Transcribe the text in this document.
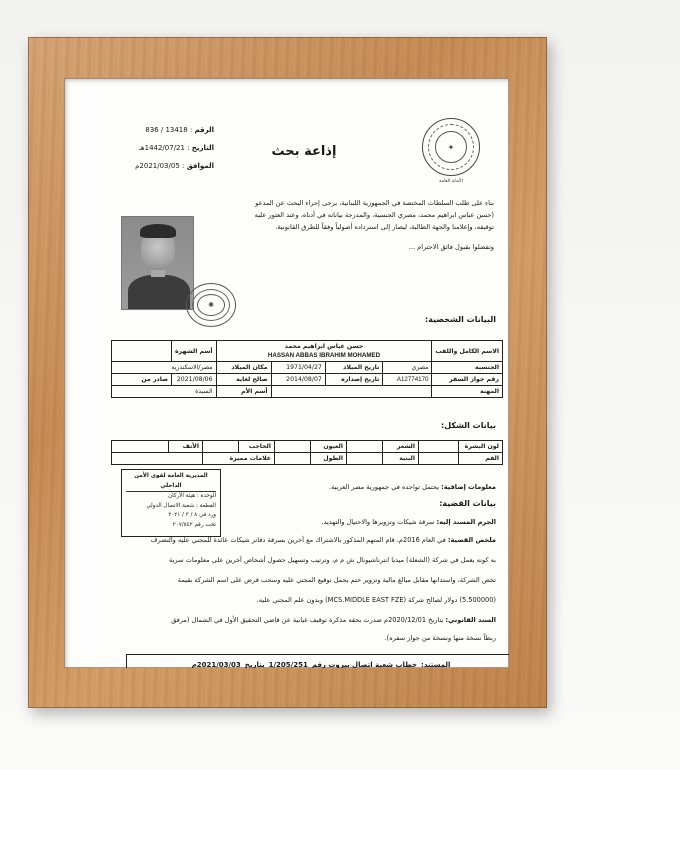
الرقم : 13418 / 836
التاريخ : 1442/07/21هـ
الموافق : 2021/03/05م
إذاعة بحث	✦
الأمانة العامة
بناء على طلب السلطات المختصة في الجمهورية اللبنانية، يرجى إجراء البحث عن المدعو
(حسن عباس ابراهيم محمد، مصري الجنسية، والمدرجة بياناته في أدناه، وعند العثور عليه
توقيفه، وإعلامنا والجهة الطالبة، ليصار إلى استرداده أصولياً وفقاً للطرق القانونية.
وتفضلوا بقبول فائق الاحترام ...
✺
البيانات الشخصية:
الاسم الكامل واللقب	حسن عباس ابراهيم محمد
HASSAN ABBAS IBRAHIM MOHAMED				أسم الشهرة	
الجنسية	مصري	تاريخ الميلاد	1971/04/27	مكان الميلاد	مصر/الاسكندرية	
رقم جواز السفر	A12774170	تاريخ إصداره	2014/08/07	صالح لغاية	2021/08/06	صادر من
المهنة				أسم الأم	السيدة	
بيانات الشكل:
لون البشرة		الشعر		العيون		الحاجب		الأنف	
الفم		البنية		الطول		علامات مميزة			
المديرية العامة لقوى الأمن الداخلي
الوحدة : هيئة الأركان
القطعة : شعبة الاتصال الدولي
ورد في ٨ / ٣ / ٢٠٢١
تحت رقم ٢٠٧/٥٤٢
معلومات إضافية: يحتمل تواجده في جمهورية مصر العربية.
بيانات القضية:
الجرم المسند إليه: سرقة شيكات وتزويرها والاحتيال والتهديد.
ملخص القضية: في العام 2016م، قام المتهم المذكور بالاشتراك مع آخرين بسرقة دفاتر شيكات عائدة للمجني عليه والتصرف
به كونه يعمل في شركة (الشعلة) ميديا انترناشيونال ش م م، وترتيب وتسهيل حصول أشخاص آخرين على معلومات سرية
تخص الشركة، واستدانها مقابل مبالغ مالية وتزوير ختم يحمل توقيع المجني عليه وسحب قرض على اسم الشركة بقيمة
(5.500000) دولار لصالح شركة (MCS.MIDDLE EAST FZE) وبدون علم المجني عليه.
السند القانوني: بتاريخ 2020/12/01م صدرت بحقه مذكرة توقيف غيابية عن قاضي التحقيق الأول في الشمال (مرفق
ربطاً نسخة منها ونسخة من جواز سفره).
المستند:
خطاب شعبة اتصال بيروت رقم
1/205/251
بتاريخ
2021/03/03م
